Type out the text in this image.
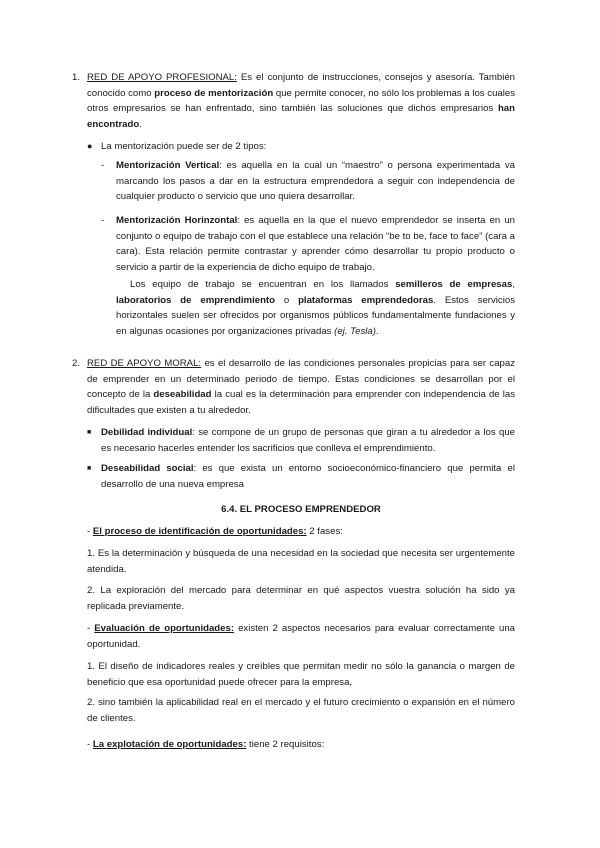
1. RED DE APOYO PROFESIONAL: Es el conjunto de instrucciones, consejos y asesoría. También conocido como proceso de mentorización que permite conocer, no sólo los problemas a los cuales otros empresarios se han enfrentado, sino también las soluciones que dichos empresarios han encontrado.

● La mentorización puede ser de 2 tipos:

- Mentorización Vertical: es aquella en la cual un “maestro” o persona experimentada va marcando los pasos a dar en la estructura emprendedora a seguir con independencia de cualquier producto o servicio que uno quiera desarrollar.

- Mentorización Horinzontal: es aquella en la que el nuevo emprendedor se inserta en un conjunto o equipo de trabajo con el que establece una relación “be to be, face to face” (cara a cara). Esta relación permite contrastar y aprender cómo desarrollar tu propio producto o servicio a partir de la experiencia de dicho equipo de trabajo.

Los equipo de trabajo se encuentran en los llamados semilleros de empresas, laboratorios de emprendimiento o plataformas emprendedoras. Estos servicios horizontales suelen ser ofrecidos por organismos públicos fundamentalmente fundaciones y en algunas ocasiones por organizaciones privadas (ej. Tesla).

2. RED DE APOYO MORAL: es el desarrollo de las condiciones personales propicias para ser capaz de emprender en un determinado periodo de tiempo. Estas condiciones se desarrollan por el concepto de la deseabilidad la cual es la determinación para emprender con independencia de las dificultades que existen a tu alrededor.

■ Debilidad individual: se compone de un grupo de personas que giran a tu alrededor a los que es necesario hacerles entender los sacrificios que conlleva el emprendimiento.

■ Deseabilidad social: es que exista un entorno socioeconómico-financiero que permita el desarrollo de una nueva empresa

6.4. EL PROCESO EMPRENDEDOR

- El proceso de identificación de oportunidades: 2 fases:

1. Es la determinación y búsqueda de una necesidad en la sociedad que necesita ser urgentemente atendida.

2. La exploración del mercado para determinar en qué aspectos vuestra solución ha sido ya replicada previamente.

- Evaluación de oportunidades: existen 2 aspectos necesarios para evaluar correctamente una oportunidad.

1. El diseño de indicadores reales y creíbles que permitan medir no sólo la ganancia o margen de beneficio que esa oportunidad puede ofrecer para la empresa,

2. sino también la aplicabilidad real en el mercado y el futuro crecimiento o expansión en el número de clientes.

- La explotación de oportunidades: tiene 2 requisitos:
